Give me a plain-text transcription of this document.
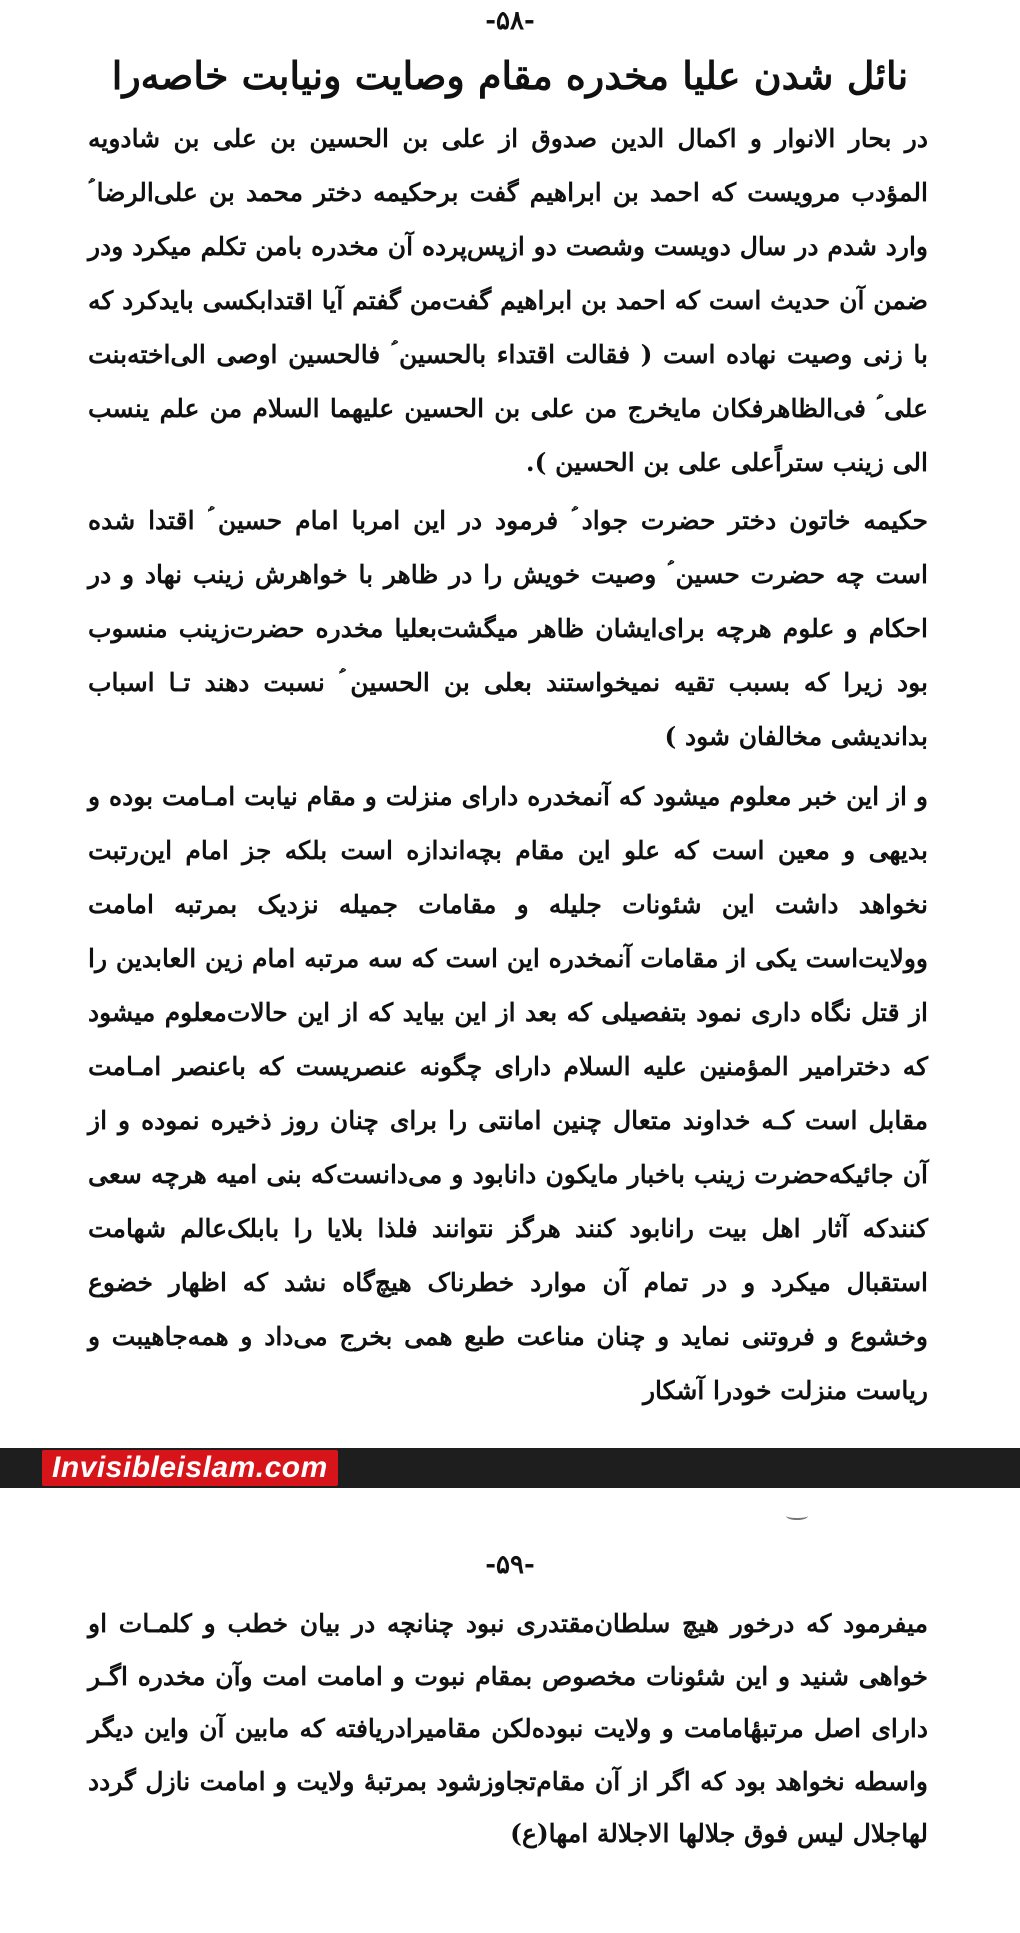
-۵۸-
نائل شدن علیا مخدره مقام وصایت ونیابت خاصه‌را

در بحار الانوار و اکمال الدین صدوق از علی بن الحسین بن علی بن شادویه المؤدب مرویست که احمد بن ابراهیم گفت برحکیمه دختر محمد بن علی‌الرضا ؑ وارد شدم در سال دویست وشصت دو ازپس‌پرده آن مخدره بامن تکلم میکرد ودر ضمن آن حدیث است که احمد بن ابراهیم گفت‌من گفتم آیا اقتدابکسی بایدکرد که با زنی وصیت نهاده است ( فقالت اقتداء بالحسین ؑ فالحسین اوصی الی‌اخته‌بنت علی ؑ فی‌الظاهرفکان مایخرج من علی بن الحسین علیهما السلام من علم ینسب الی زینب ستراًعلی علی بن الحسین ).

حکیمه خاتون دختر حضرت جواد ؑ فرمود در این امربا امام حسین ؑ اقتدا شده است چه حضرت حسین ؑ وصیت خویش را در ظاهر با خواهرش زینب نهاد و در احکام و علوم هرچه برای‌ایشان ظاهر میگشت‌بعلیا مخدره حضرت‌زینب منسوب بود زیرا که بسبب تقیه نمیخواستند بعلی بن الحسین ؑ نسبت دهند تـا اسباب بداندیشی مخالفان شود )

و از این خبر معلوم میشود که آنمخدره دارای منزلت و مقام نیابت امـامت بوده و بدیهی و معین است که علو این مقام بچه‌اندازه است بلکه جز امام این‌رتبت نخواهد داشت این شئونات جلیله و مقامات جمیله نزدیک بمرتبه امامت وولایت‌است یکی از مقامات آنمخدره این است که سه مرتبه امام زین العابدین را از قتل نگاه داری نمود بتفصیلی که بعد از این بیاید که از این حالات‌معلوم میشود که دختر‌امیر المؤمنین علیه السلام دارای چگونه عنصریست که باعنصر امـامت مقابل است کـه خداوند متعال چنین امانتی را برای چنان روز ذخیره نموده و از آن جائیکه‌حضرت زینب باخبار مایکون دانابود و می‌دانست‌که بنی امیه هرچه سعی کنند‌که آثار اهل بیت رانابود کنند هرگز نتوانند فلذا بلایا را بابلک‌عالم شهامت استقبال میکرد و در تمام آن موارد خطرناک هیچ‌گاه نشد که اظهار خضوع وخشوع و فروتنی نماید و چنان مناعت طبع همی بخرج می‌داد و همه‌جاهیبت و ریاست منزلت خودرا آشکار

Invisibleislam.com
-۵۹-

میفرمود که درخور هیچ سلطان‌مقتدری نبود چنانچه در بیان خطب و کلمـات او خواهی شنید و این شئونات مخصوص بمقام نبوت و امامت امت وآن مخدره اگـر دارای اصل مرتبهٔامامت و ولایت نبوده‌لکن مقامیرادریافته که مابین آن واین دیگر واسطه نخواهد بود که اگر از آن مقام‌تجاوزشود بمرتبهٔ ولایت و امامت نازل گردد لهاجلال لیس فوق جلالها الاجلالة امها(ع)
